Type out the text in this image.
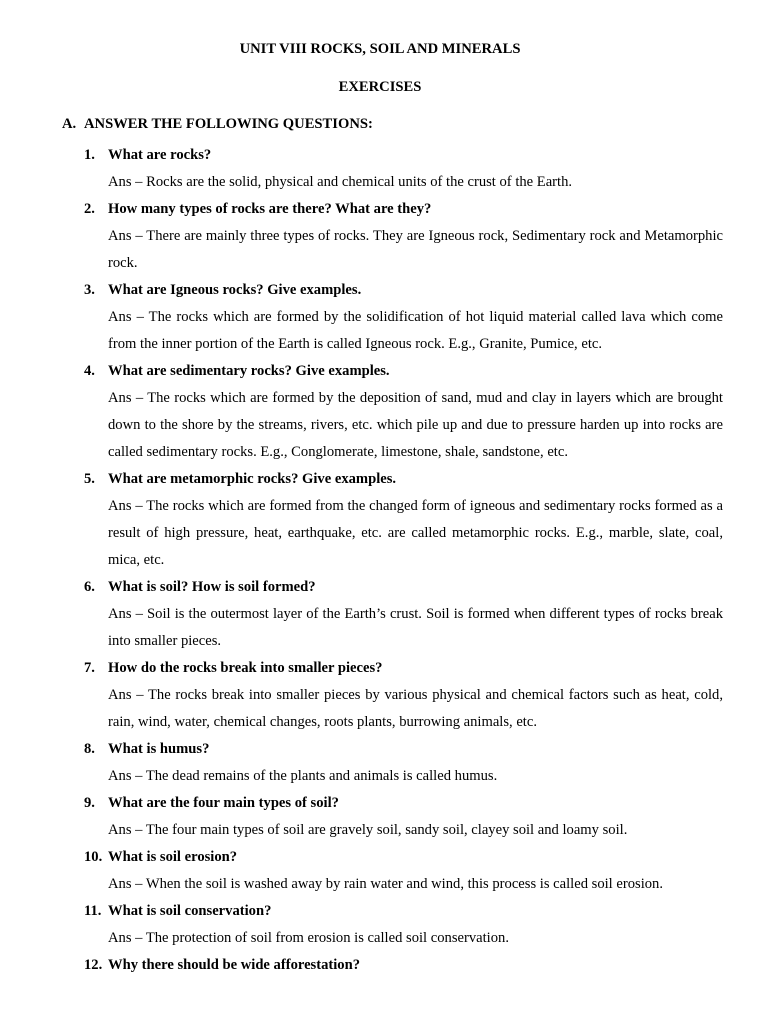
UNIT VIII ROCKS, SOIL AND MINERALS
EXERCISES
A. ANSWER THE FOLLOWING QUESTIONS:
1. What are rocks?
Ans – Rocks are the solid, physical and chemical units of the crust of the Earth.
2. How many types of rocks are there? What are they?
Ans – There are mainly three types of rocks. They are Igneous rock, Sedimentary rock and Metamorphic rock.
3. What are Igneous rocks? Give examples.
Ans – The rocks which are formed by the solidification of hot liquid material called lava which come from the inner portion of the Earth is called Igneous rock. E.g., Granite, Pumice, etc.
4. What are sedimentary rocks? Give examples.
Ans – The rocks which are formed by the deposition of sand, mud and clay in layers which are brought down to the shore by the streams, rivers, etc. which pile up and due to pressure harden up into rocks are called sedimentary rocks. E.g., Conglomerate, limestone, shale, sandstone, etc.
5. What are metamorphic rocks? Give examples.
Ans – The rocks which are formed from the changed form of igneous and sedimentary rocks formed as a result of high pressure, heat, earthquake, etc. are called metamorphic rocks. E.g., marble, slate, coal, mica, etc.
6. What is soil? How is soil formed?
Ans – Soil is the outermost layer of the Earth’s crust. Soil is formed when different types of rocks break into smaller pieces.
7. How do the rocks break into smaller pieces?
Ans – The rocks break into smaller pieces by various physical and chemical factors such as heat, cold, rain, wind, water, chemical changes, roots plants, burrowing animals, etc.
8. What is humus?
Ans – The dead remains of the plants and animals is called humus.
9. What are the four main types of soil?
Ans – The four main types of soil are gravely soil, sandy soil, clayey soil and loamy soil.
10. What is soil erosion?
Ans – When the soil is washed away by rain water and wind, this process is called soil erosion.
11. What is soil conservation?
Ans – The protection of soil from erosion is called soil conservation.
12. Why there should be wide afforestation?
